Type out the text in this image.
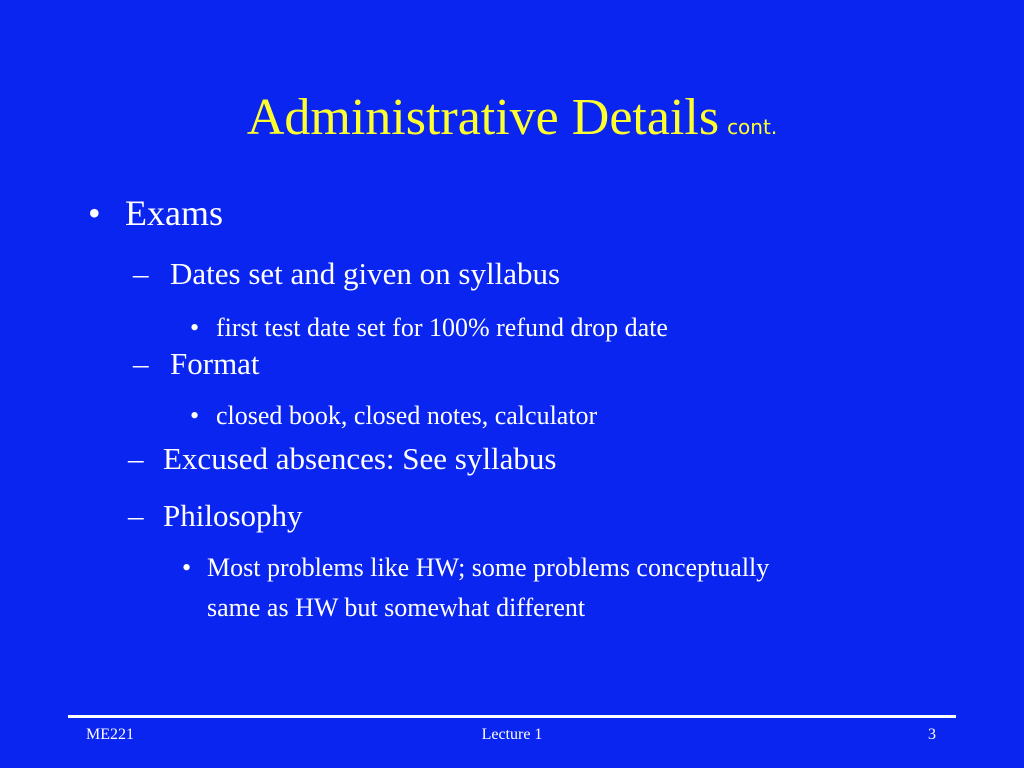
Administrative Details cont.
• Exams
– Dates set and given on syllabus
• first test date set for 100% refund drop date
– Format
• closed book, closed notes, calculator
– Excused absences: See syllabus
– Philosophy
• Most problems like HW; some problems conceptually
same as HW but somewhat different
ME221	Lecture 1	3
